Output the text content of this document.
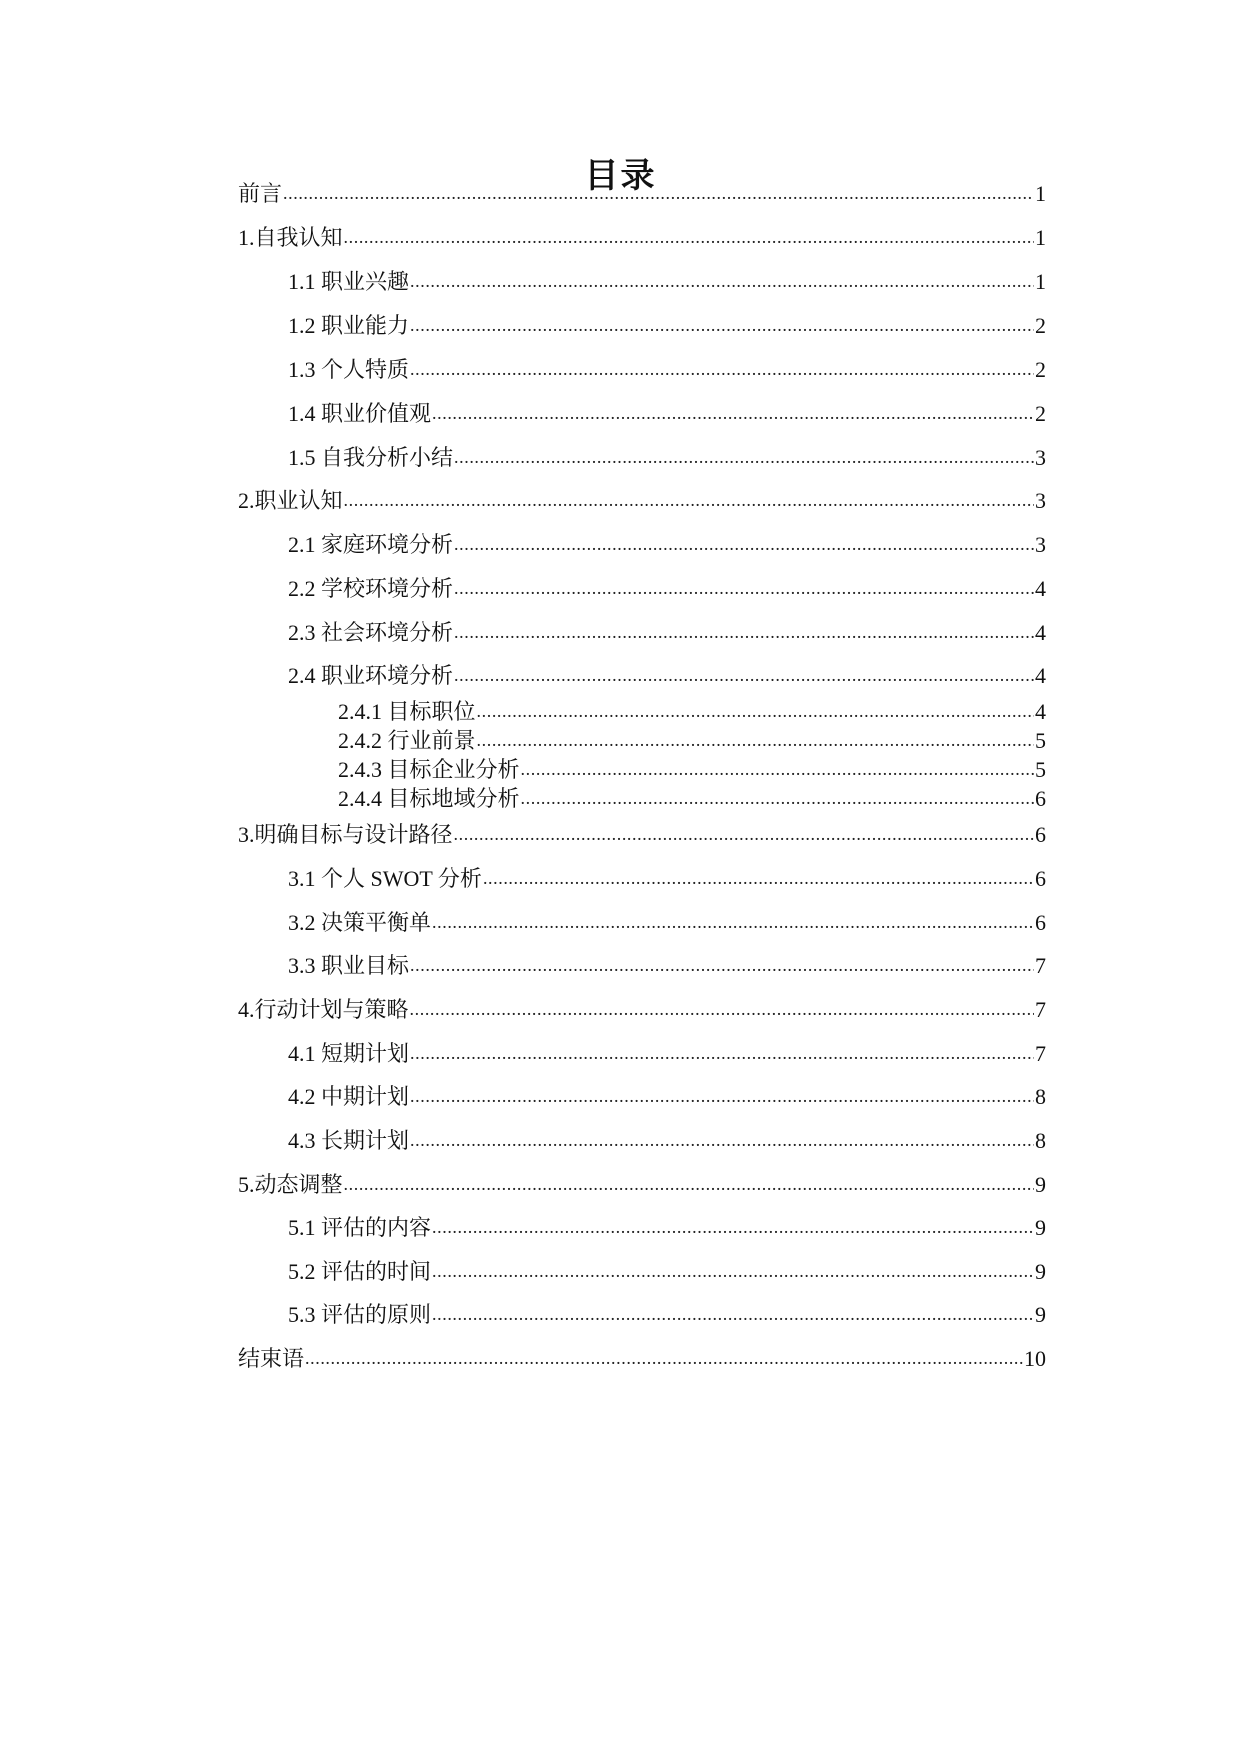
目录
前言 .....	1
1.自我认知 .....	1
1.1 职业兴趣 .....	1
1.2 职业能力 .....	2
1.3 个人特质 .....	2
1.4 职业价值观 .....	2
1.5 自我分析小结 .....	3
2.职业认知 .....	3
2.1 家庭环境分析 .....	3
2.2 学校环境分析 .....	4
2.3 社会环境分析 .....	4
2.4 职业环境分析 .....	4
2.4.1 目标职位 .....	4
2.4.2 行业前景 .....	5
2.4.3 目标企业分析 .....	5
2.4.4 目标地域分析 .....	6
3.明确目标与设计路径 .....	6
3.1 个人 SWOT 分析 .....	6
3.2 决策平衡单 .....	6
3.3 职业目标 .....	7
4.行动计划与策略 .....	7
4.1 短期计划 .....	7
4.2 中期计划 .....	8
4.3 长期计划 .....	8
5.动态调整 .....	9
5.1 评估的内容 .....	9
5.2 评估的时间 .....	9
5.3 评估的原则 .....	9
结束语 .....	10
